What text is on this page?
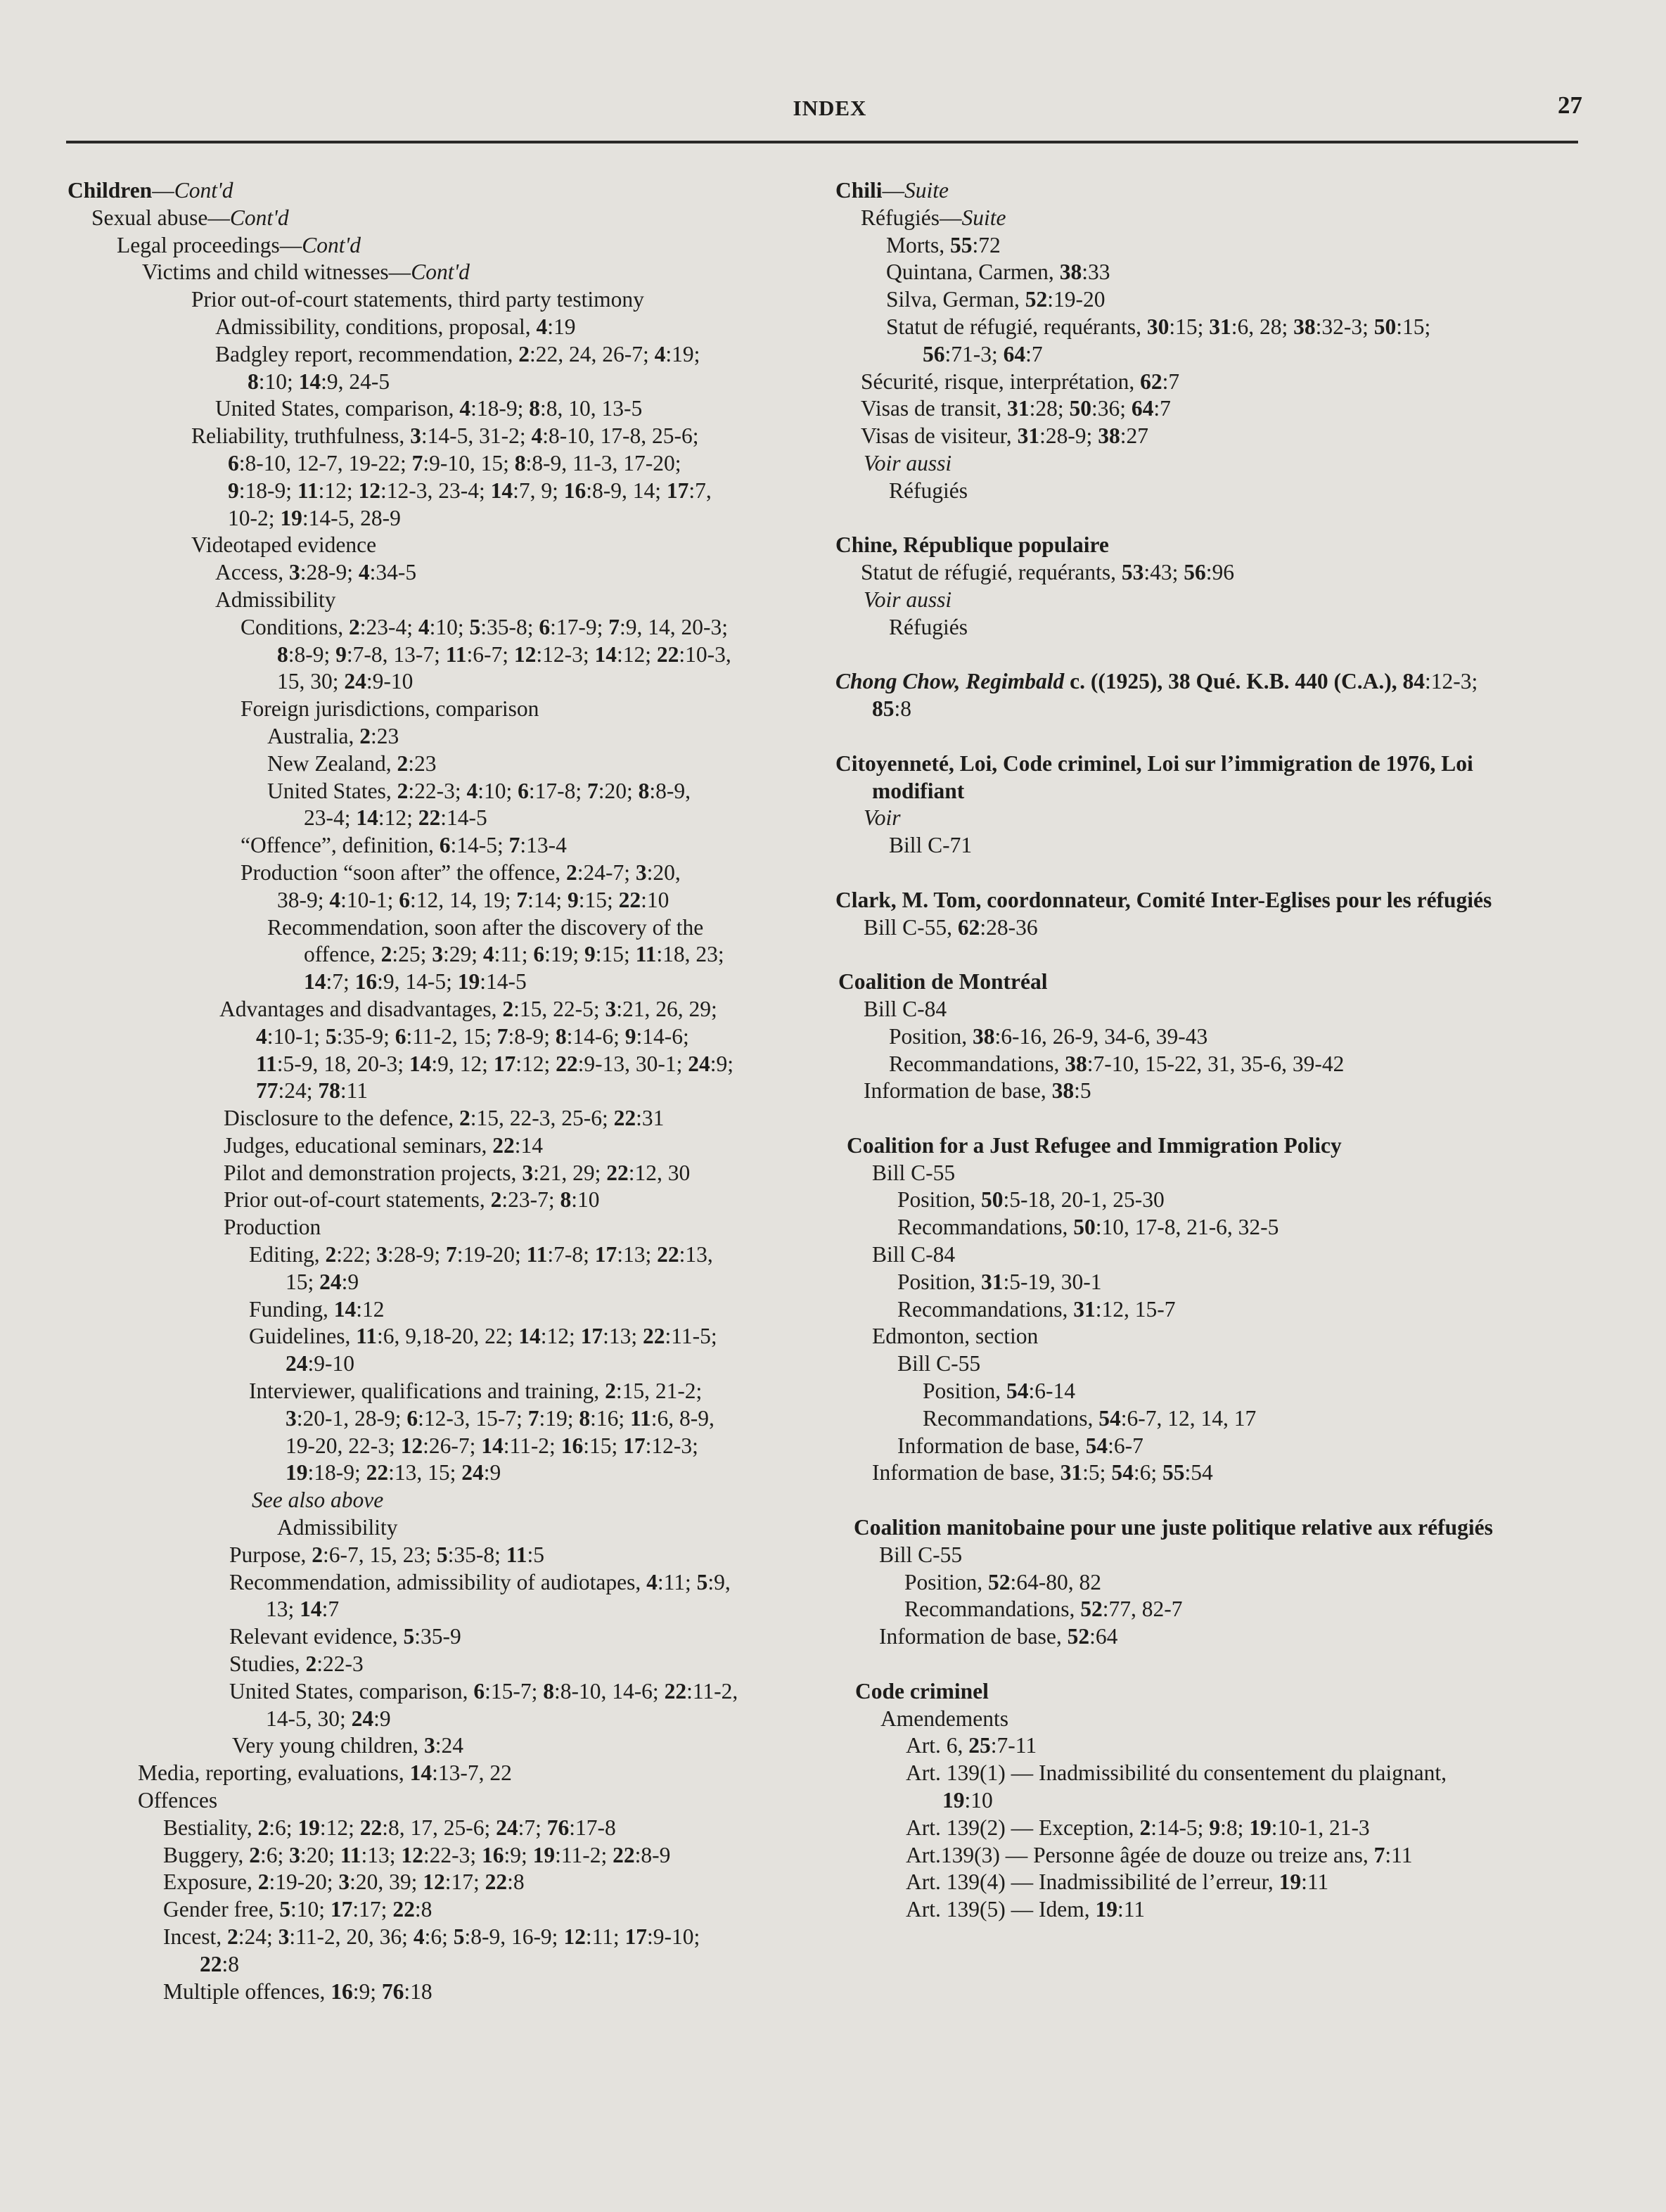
INDEX	27
Children—Cont'd
Sexual abuse—Cont'd
Legal proceedings—Cont'd
Victims and child witnesses—Cont'd
Prior out-of-court statements, third party testimony
Admissibility, conditions, proposal, 4:19
Badgley report, recommendation, 2:22, 24, 26-7; 4:19;
8:10; 14:9, 24-5
United States, comparison, 4:18-9; 8:8, 10, 13-5
Reliability, truthfulness, 3:14-5, 31-2; 4:8-10, 17-8, 25-6;
6:8-10, 12-7, 19-22; 7:9-10, 15; 8:8-9, 11-3, 17-20;
9:18-9; 11:12; 12:12-3, 23-4; 14:7, 9; 16:8-9, 14; 17:7,
10-2; 19:14-5, 28-9
Videotaped evidence
Access, 3:28-9; 4:34-5
Admissibility
Conditions, 2:23-4; 4:10; 5:35-8; 6:17-9; 7:9, 14, 20-3;
8:8-9; 9:7-8, 13-7; 11:6-7; 12:12-3; 14:12; 22:10-3,
15, 30; 24:9-10
Foreign jurisdictions, comparison
Australia, 2:23
New Zealand, 2:23
United States, 2:22-3; 4:10; 6:17-8; 7:20; 8:8-9,
23-4; 14:12; 22:14-5
“Offence”, definition, 6:14-5; 7:13-4
Production “soon after” the offence, 2:24-7; 3:20,
38-9; 4:10-1; 6:12, 14, 19; 7:14; 9:15; 22:10
Recommendation, soon after the discovery of the
offence, 2:25; 3:29; 4:11; 6:19; 9:15; 11:18, 23;
14:7; 16:9, 14-5; 19:14-5
Advantages and disadvantages, 2:15, 22-5; 3:21, 26, 29;
4:10-1; 5:35-9; 6:11-2, 15; 7:8-9; 8:14-6; 9:14-6;
11:5-9, 18, 20-3; 14:9, 12; 17:12; 22:9-13, 30-1; 24:9;
77:24; 78:11
Disclosure to the defence, 2:15, 22-3, 25-6; 22:31
Judges, educational seminars, 22:14
Pilot and demonstration projects, 3:21, 29; 22:12, 30
Prior out-of-court statements, 2:23-7; 8:10
Production
Editing, 2:22; 3:28-9; 7:19-20; 11:7-8; 17:13; 22:13,
15; 24:9
Funding, 14:12
Guidelines, 11:6, 9,18-20, 22; 14:12; 17:13; 22:11-5;
24:9-10
Interviewer, qualifications and training, 2:15, 21-2;
3:20-1, 28-9; 6:12-3, 15-7; 7:19; 8:16; 11:6, 8-9,
19-20, 22-3; 12:26-7; 14:11-2; 16:15; 17:12-3;
19:18-9; 22:13, 15; 24:9
See also above
Admissibility
Purpose, 2:6-7, 15, 23; 5:35-8; 11:5
Recommendation, admissibility of audiotapes, 4:11; 5:9,
13; 14:7
Relevant evidence, 5:35-9
Studies, 2:22-3
United States, comparison, 6:15-7; 8:8-10, 14-6; 22:11-2,
14-5, 30; 24:9
Very young children, 3:24
Media, reporting, evaluations, 14:13-7, 22
Offences
Bestiality, 2:6; 19:12; 22:8, 17, 25-6; 24:7; 76:17-8
Buggery, 2:6; 3:20; 11:13; 12:22-3; 16:9; 19:11-2; 22:8-9
Exposure, 2:19-20; 3:20, 39; 12:17; 22:8
Gender free, 5:10; 17:17; 22:8
Incest, 2:24; 3:11-2, 20, 36; 4:6; 5:8-9, 16-9; 12:11; 17:9-10;
22:8
Multiple offences, 16:9; 76:18
Chili—Suite
Réfugiés—Suite
Morts, 55:72
Quintana, Carmen, 38:33
Silva, German, 52:19-20
Statut de réfugié, requérants, 30:15; 31:6, 28; 38:32-3; 50:15;
56:71-3; 64:7
Sécurité, risque, interprétation, 62:7
Visas de transit, 31:28; 50:36; 64:7
Visas de visiteur, 31:28-9; 38:27
Voir aussi
Réfugiés
Chine, République populaire
Statut de réfugié, requérants, 53:43; 56:96
Voir aussi
Réfugiés
Chong Chow, Regimbald c. ((1925), 38 Qué. K.B. 440 (C.A.), 84:12-3;
85:8
Citoyenneté, Loi, Code criminel, Loi sur l’immigration de 1976, Loi
modifiant
Voir
Bill C-71
Clark, M. Tom, coordonnateur, Comité Inter-Eglises pour les réfugiés
Bill C-55, 62:28-36
Coalition de Montréal
Bill C-84
Position, 38:6-16, 26-9, 34-6, 39-43
Recommandations, 38:7-10, 15-22, 31, 35-6, 39-42
Information de base, 38:5
Coalition for a Just Refugee and Immigration Policy
Bill C-55
Position, 50:5-18, 20-1, 25-30
Recommandations, 50:10, 17-8, 21-6, 32-5
Bill C-84
Position, 31:5-19, 30-1
Recommandations, 31:12, 15-7
Edmonton, section
Bill C-55
Position, 54:6-14
Recommandations, 54:6-7, 12, 14, 17
Information de base, 54:6-7
Information de base, 31:5; 54:6; 55:54
Coalition manitobaine pour une juste politique relative aux réfugiés
Bill C-55
Position, 52:64-80, 82
Recommandations, 52:77, 82-7
Information de base, 52:64
Code criminel
Amendements
Art. 6, 25:7-11
Art. 139(1) — Inadmissibilité du consentement du plaignant,
19:10
Art. 139(2) — Exception, 2:14-5; 9:8; 19:10-1, 21-3
Art.139(3) — Personne âgée de douze ou treize ans, 7:11
Art. 139(4) — Inadmissibilité de l’erreur, 19:11
Art. 139(5) — Idem, 19:11
